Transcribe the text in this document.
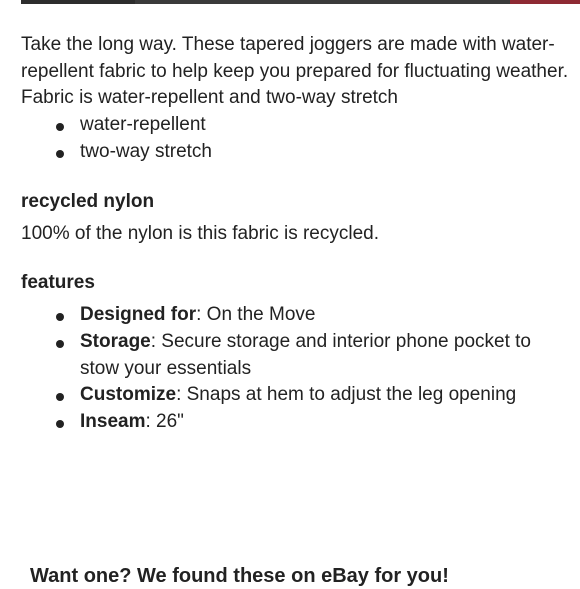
Take the long way. These tapered joggers are made with water-repellent fabric to help keep you prepared for fluctuating weather.

Fabric is water-repellent and two-way stretch

water-repellent
two-way stretch
recycled nylon

100% of the nylon is this fabric is recycled.

features
Designed for: On the Move
Storage: Secure storage and interior phone pocket to stow your essentials
Customize: Snaps at hem to adjust the leg opening
Inseam: 26"
Want one? We found these on eBay for you!
